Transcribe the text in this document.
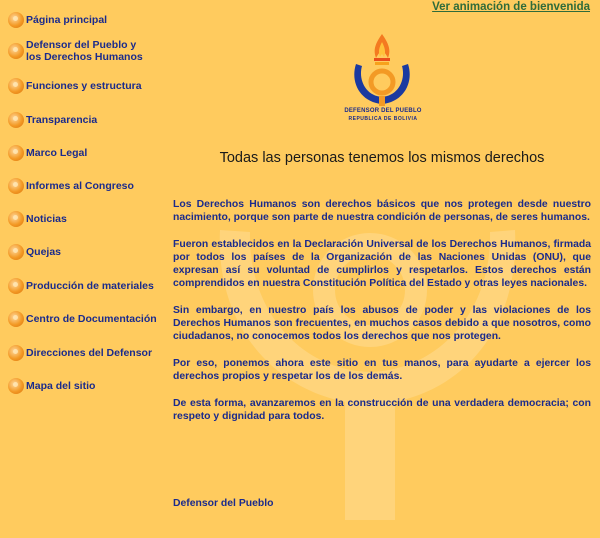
Ver animación de bienvenida
Página principal
Defensor del Pueblo y los Derechos Humanos
Funciones y estructura
Transparencia
Marco Legal
Informes al Congreso
Noticias
Quejas
Producción de materiales
Centro de Documentación
Direcciones del Defensor
Mapa del sitio
DEFENSOR DEL PUEBLO
REPUBLICA DE BOLIVIA
Todas las personas tenemos los mismos derechos

Los Derechos Humanos son derechos básicos que nos protegen desde nuestro nacimiento, porque son parte de nuestra condición de personas, de seres humanos.

Fueron establecidos en la Declaración Universal de los Derechos Humanos, firmada por todos los países de la Organización de las Naciones Unidas (ONU), que expresan así su voluntad de cumplirlos y respetarlos. Estos derechos están comprendidos en nuestra Constitución Política del Estado y otras leyes nacionales.

Sin embargo, en nuestro país los abusos de poder y las violaciones de los Derechos Humanos son frecuentes, en muchos casos debido a que nosotros, como ciudadanos, no conocemos todos los derechos que nos protegen.

Por eso, ponemos ahora este sitio en tus manos, para ayudarte a ejercer los derechos propios y respetar los de los demás.

De esta forma, avanzaremos en la construcción de una verdadera democracia; con respeto y dignidad para todos.

Defensor del Pueblo
